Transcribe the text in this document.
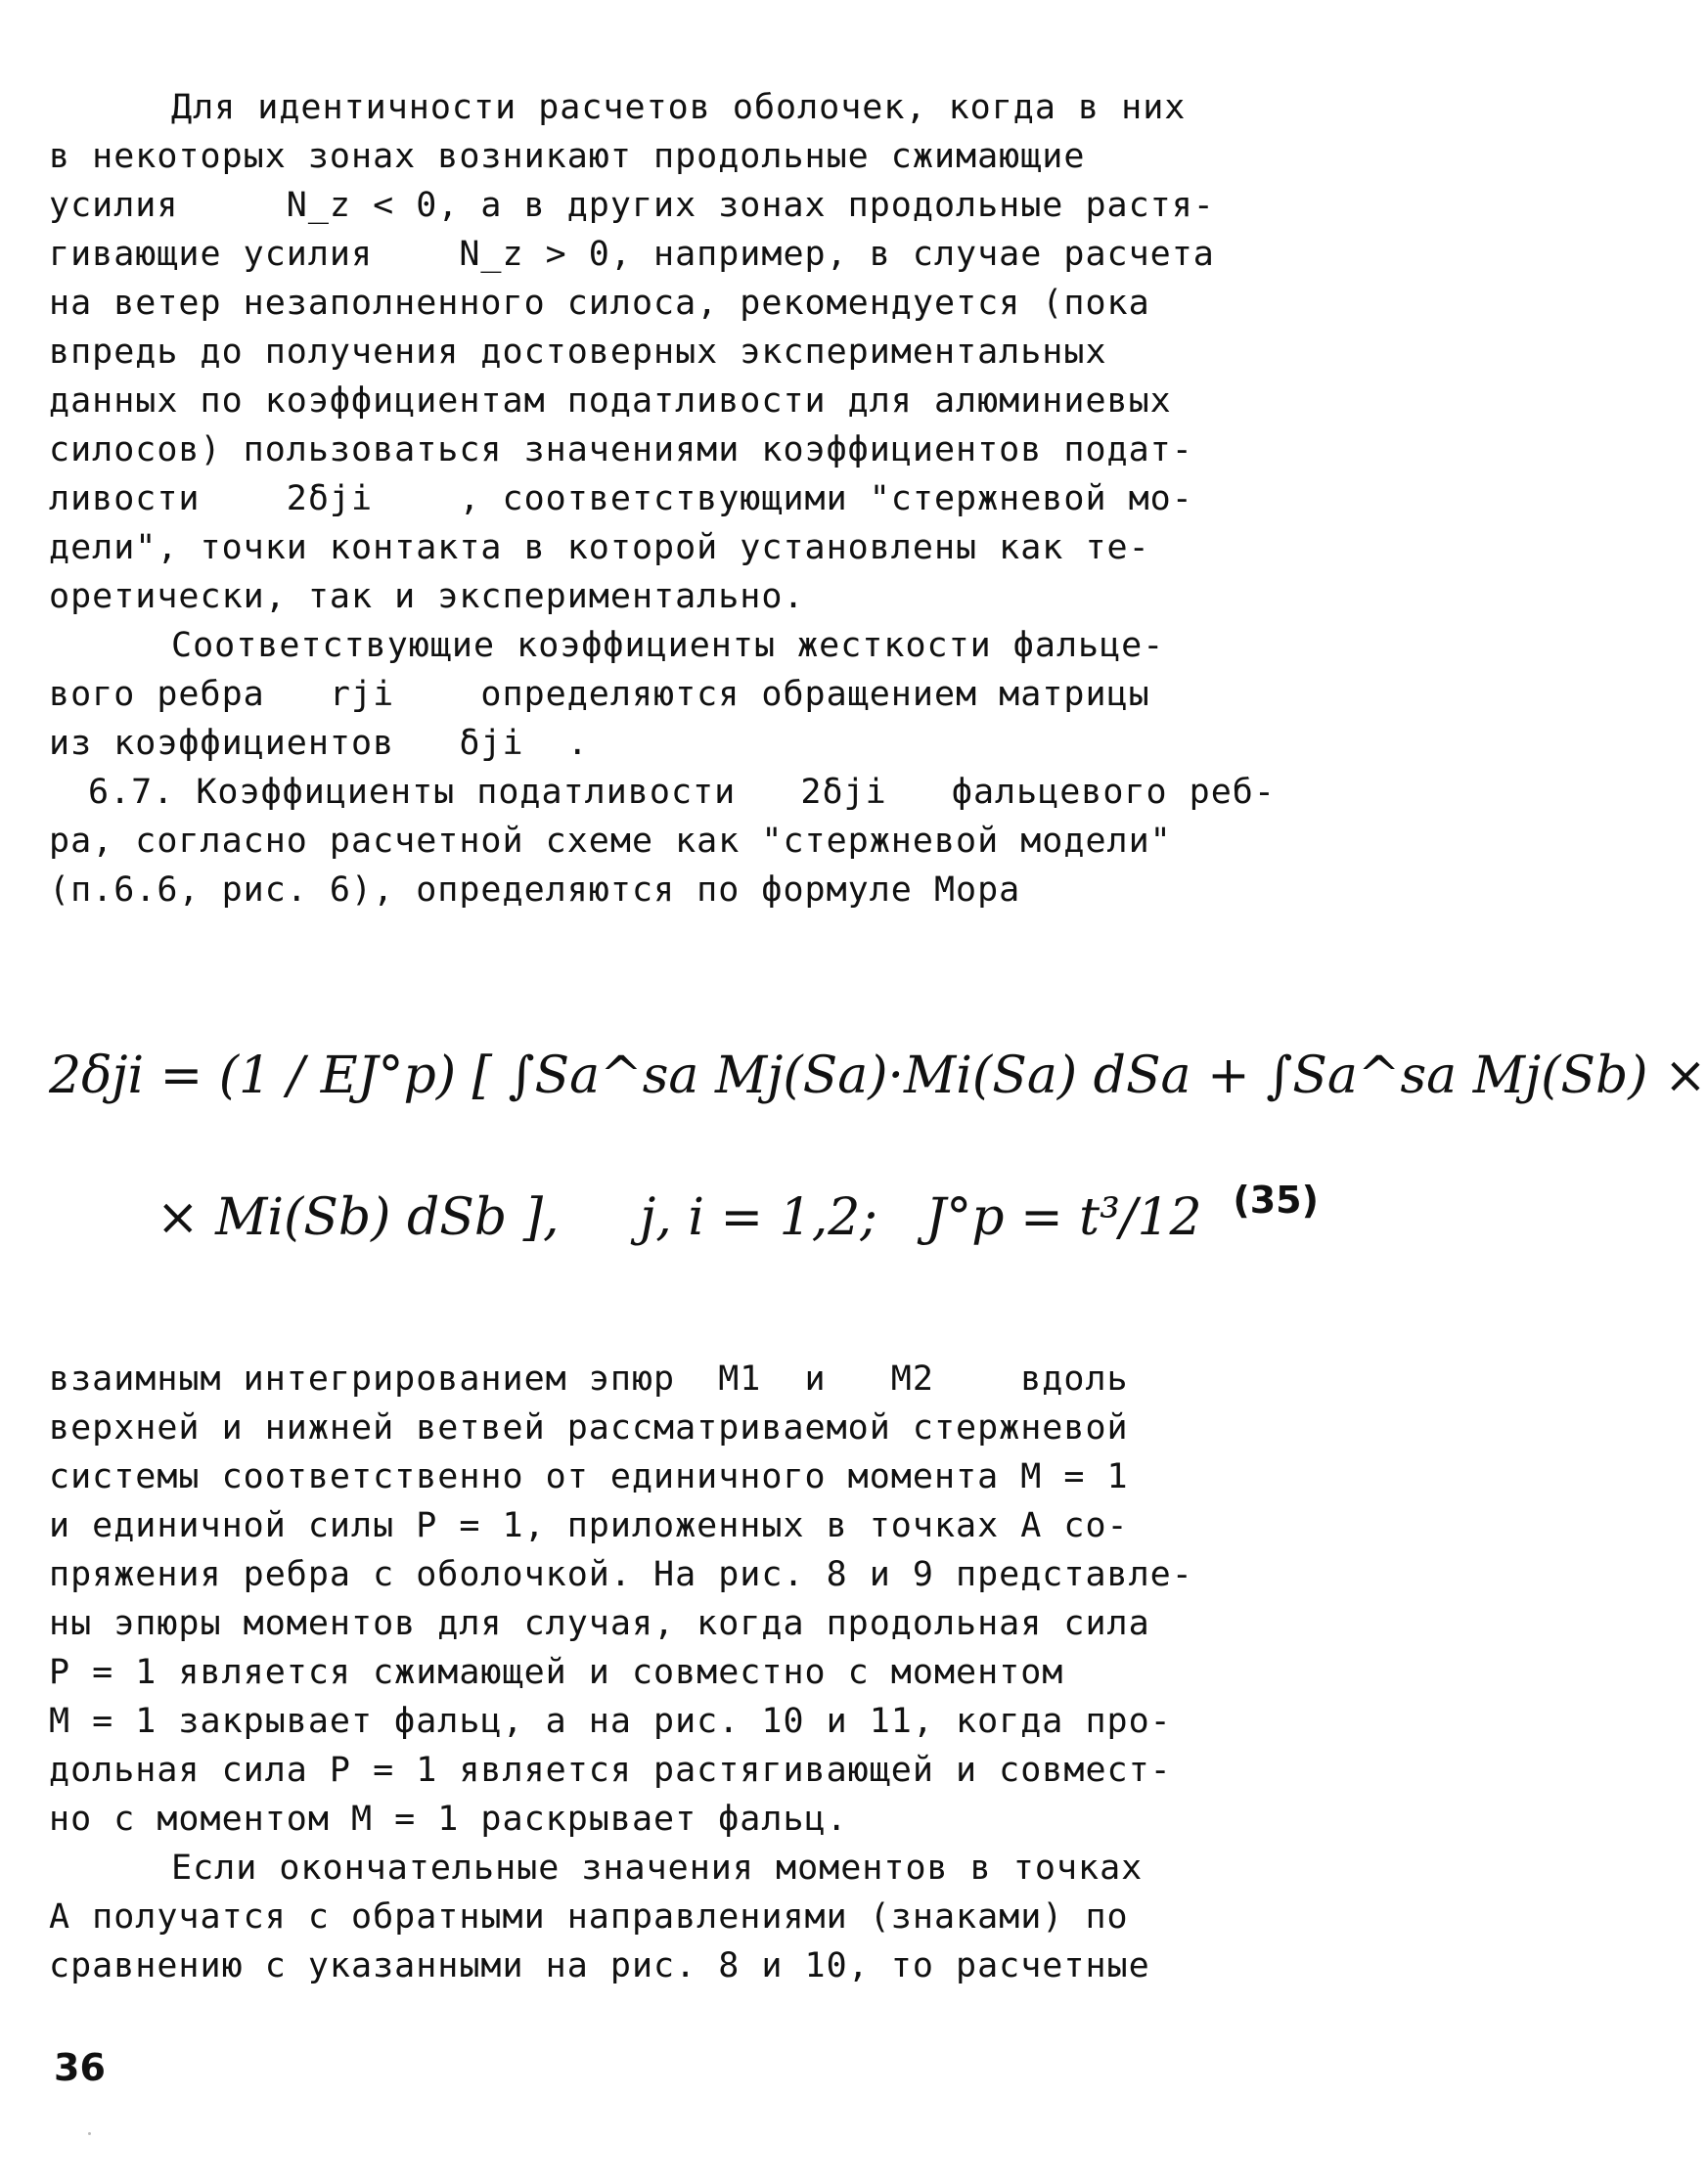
Для идентичности расчетов оболочек, когда в них
в некоторых зонах возникают продольные сжимающие
усилия     N_z < 0, а в других зонах продольные растя-
гивающие усилия    N_z > 0, например, в случае расчета
на ветер незаполненного силоса, рекомендуется (пока
впредь до получения достоверных экспериментальных
данных по коэффициентам податливости для алюминиевых
силосов) пользоваться значениями коэффициентов подат-
ливости    2δji    , соответствующими "стержневой мо-
дели", точки контакта в которой установлены как те-
оретически, так и экспериментально.
Соответствующие коэффициенты жесткости фальце-
вого ребра   rji    определяются обращением матрицы
из коэффициентов   δji  .
6.7. Коэффициенты податливости   2δji   фальцевого реб-
ра, согласно расчетной схеме как "стержневой модели"
(п.6.6, рис. 6), определяются по формуле Мора
2δji = (1 / EJ°p) [ ∫Sa^sa Mj(Sa)·Mi(Sa) dSa + ∫Sa^sa Mj(Sb) ×
× Mi(Sb) dSb ],     j, i = 1,2;   J°p = t³/12 (35)
взаимным интегрированием эпюр  M1  и   M2    вдоль
верхней и нижней ветвей рассматриваемой стержневой
системы соответственно от единичного момента М = 1
и единичной силы Р = 1, приложенных в точках А со-
пряжения ребра с оболочкой. На рис. 8 и 9 представле-
ны эпюры моментов для случая, когда продольная сила
Р = 1 является сжимающей и совместно с моментом
М = 1 закрывает фальц, а на рис. 10 и 11, когда про-
дольная сила Р = 1 является растягивающей и совмест-
но с моментом М = 1 раскрывает фальц.
Если окончательные значения моментов в точках
А получатся с обратными направлениями (знаками) по
сравнению с указанными на рис. 8 и 10, то расчетные
36
